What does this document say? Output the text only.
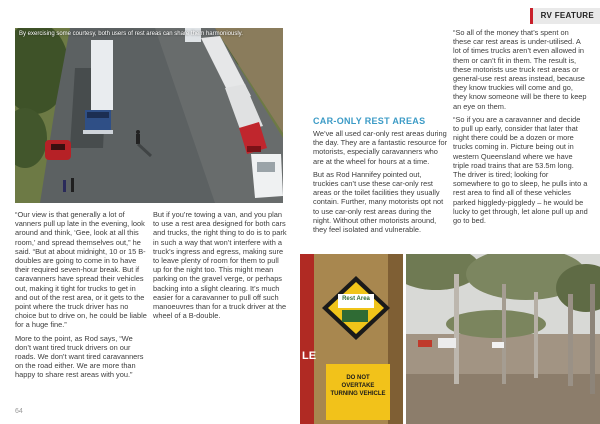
RV FEATURE
By exercising some courtesy, both users of rest areas can share them harmoniously.

“Our view is that generally a lot of vanners pull up late in the evening, look around and think, ‘Gee, look at all this room,’ and spread themselves out,” he said. “But at about midnight, 10 or 15 B-doubles are going to come in to have their required seven-hour break. But if caravanners have spread their vehicles out, making it tight for trucks to get in and out of the rest area, or it gets to the point where the truck driver has no choice but to drive on, he could be liable for a huge fine.”

More to the point, as Rod says, “We don’t want tired truck drivers on our roads. We don’t want tired caravanners on the road either. We are more than happy to share rest areas with you.”

But if you’re towing a van, and you plan to use a rest area designed for both cars and trucks, the right thing to do is to park in such a way that won’t interfere with a truck’s ingress and egress, making sure to leave plenty of room for them to pull up for the night too. This might mean parking on the gravel verge, or perhaps backing into a slight clearing. It’s much easier for a caravanner to pull off such manoeuvres than for a truck driver at the wheel of a B-double.

CAR-ONLY REST AREAS

We’ve all used car-only rest areas during the day. They are a fantastic resource for motorists, especially caravanners who are at the wheel for hours at a time.

But as Rod Hannifey pointed out, truckies can’t use these car-only rest areas or the toilet facilities they usually contain. Further, many motorists opt not to use car-only rest areas during the night. Without other motorists around, they feel isolated and vulnerable.

“So all of the money that’s spent on these car rest areas is under-utilised. A lot of times trucks aren’t even allowed in them or can’t fit in them. The result is, these motorists use truck rest areas or general-use rest areas instead, because they know truckies will come and go, they know someone will be there to keep an eye on them.

“So if you are a caravanner and decide to pull up early, consider that later that night there could be a dozen or more trucks coming in. Picture being out in western Queensland where we have triple road trains that are 53.5m long. The driver is tired; looking for somewhere to go to sleep, he pulls into a rest area to find all of these vehicles parked higgledy-piggledy – he would be lucky to get through, let alone pull up and go to bed.

Rest Area
DO NOT OVERTAKE TURNING VEHICLE
LE
64
